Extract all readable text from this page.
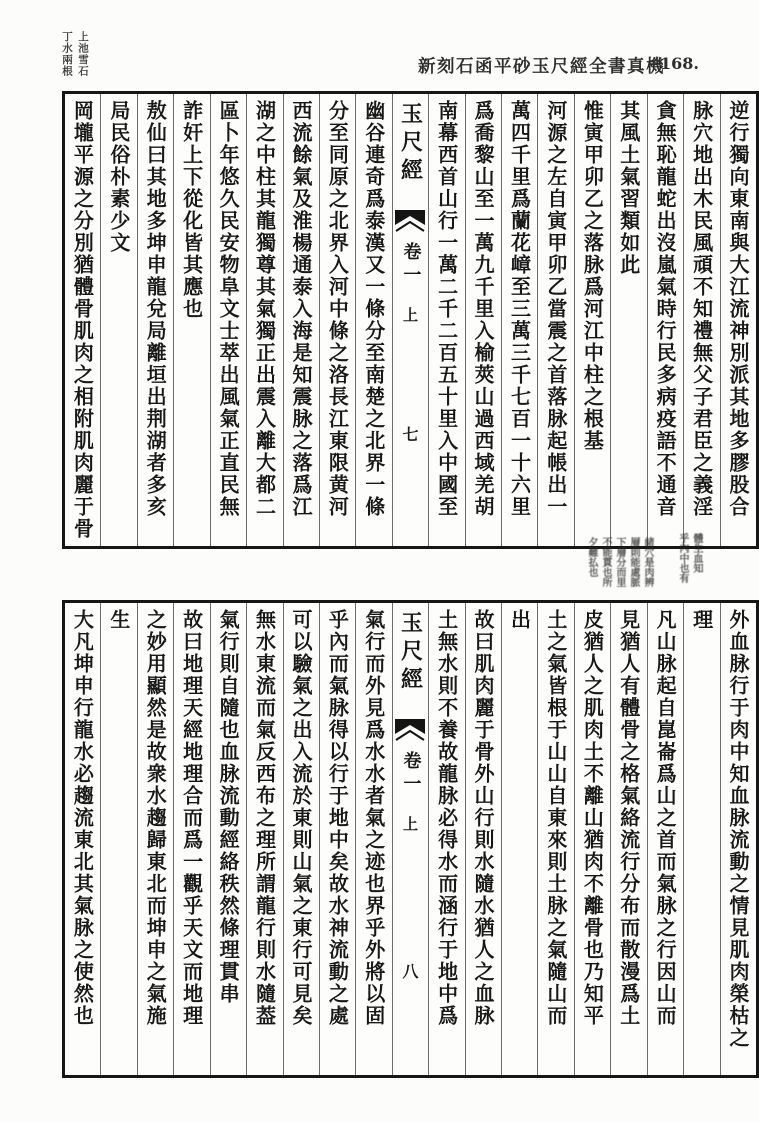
新刻石函平砂玉尺經全書真機
168.
上池雪石
丁水兩根
逆行獨向東南與大江流神別派其地多膠股合
脉穴地出木民風頑不知禮無父子君臣之義淫
貪無恥龍蛇出沒嵐氣時行民多病疫語不通音
其風土氣習類如此
惟寅甲卯乙之落脉爲河江中柱之根基
河源之左自寅甲卯乙當震之首落脉起帳出一
萬四千里爲蘭花嶂至三萬三千七百一十六里
爲喬黎山至一萬九千里入榆莢山過西域羌胡
南幕西首山行一萬二千二百五十里入中國至
玉尺經
卷一
上
七
幽谷連奇爲泰漢又一條分至南楚之北界一條
分至同原之北界入河中條之洛長江東限黄河
西流餘氣及淮楊通泰入海是知震脉之落爲江
湖之中柱其龍獨尊其氣獨正出震入離大都二
區卜年悠久民安物阜文士萃出風氣正直民無
詐奸上下從化皆其應也
敖仙曰其地多坤申龍兌局離垣出荆湖者多亥
局民俗朴素少文
岡壠平源之分別猶體骨肌肉之相附肌肉麗于骨
體生血知
乎內中也有
緒穴是肉辨
層則能處脈
下層分而里
不能貫也所
夕難払也
外血脉行于肉中知血脉流動之情見肌肉榮枯之
理
凡山脉起自崑崙爲山之首而氣脉之行因山而
見猶人有體骨之格氣絡流行分布而散漫爲土
皮猶人之肌肉土不離山猶肉不離骨也乃知平
土之氣皆根于山山自東來則土脉之氣隨山而
出
故曰肌肉麗于骨外山行則水隨水猶人之血脉
土無水則不養故龍脉必得水而涵行于地中爲
玉尺經
卷一
上
八
氣行而外見爲水水者氣之迹也界乎外將以固
乎內而氣脉得以行于地中矣故水神流動之處
可以驗氣之出入流於東則山氣之東行可見矣
無水東流而氣反西布之理所謂龍行則水隨葢
氣行則自隨也血脉流動經絡秩然條理貫串
故曰地理天經地理合而爲一觀乎天文而地理
之妙用顯然是故衆水趨歸東北而坤申之氣施
生
大凡坤申行龍水必趨流東北其氣脉之使然也
